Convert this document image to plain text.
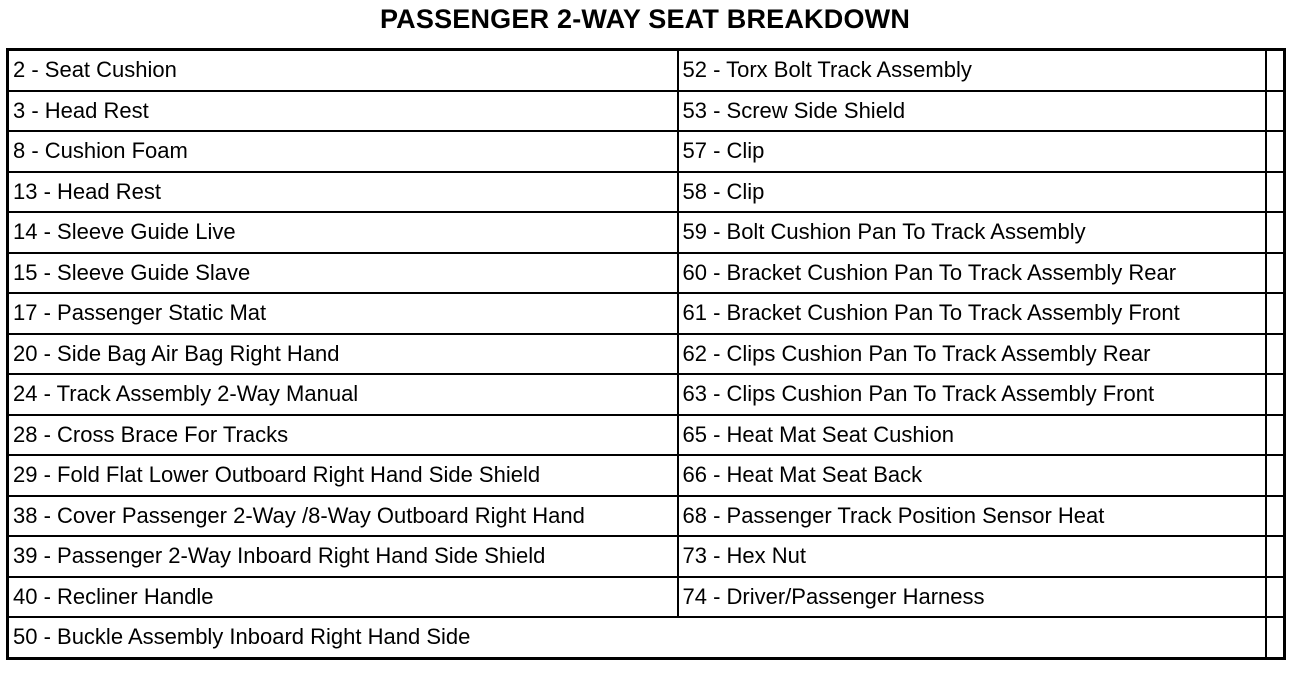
PASSENGER 2-WAY SEAT BREAKDOWN
2 - Seat Cushion	52 - Torx Bolt Track Assembly	
3 - Head Rest	53 - Screw Side Shield	
8 - Cushion Foam	57 - Clip	
13 - Head Rest	58 - Clip	
14 - Sleeve Guide Live	59 - Bolt Cushion Pan To Track Assembly	
15 - Sleeve Guide Slave	60 - Bracket Cushion Pan To Track Assembly Rear	
17 - Passenger Static Mat	61 - Bracket Cushion Pan To Track Assembly Front	
20 - Side Bag Air Bag Right Hand	62 - Clips Cushion Pan To Track Assembly Rear	
24 - Track Assembly 2-Way Manual	63 - Clips Cushion Pan To Track Assembly Front	
28 - Cross Brace For Tracks	65 - Heat Mat Seat Cushion	
29 - Fold Flat Lower Outboard Right Hand Side Shield	66 - Heat Mat Seat Back	
38 - Cover Passenger 2-Way /8-Way Outboard Right Hand	68 - Passenger Track Position Sensor Heat	
39 - Passenger 2-Way Inboard Right Hand Side Shield	73 - Hex Nut	
40 - Recliner Handle	74 - Driver/Passenger Harness	
50 - Buckle Assembly Inboard Right Hand Side		
